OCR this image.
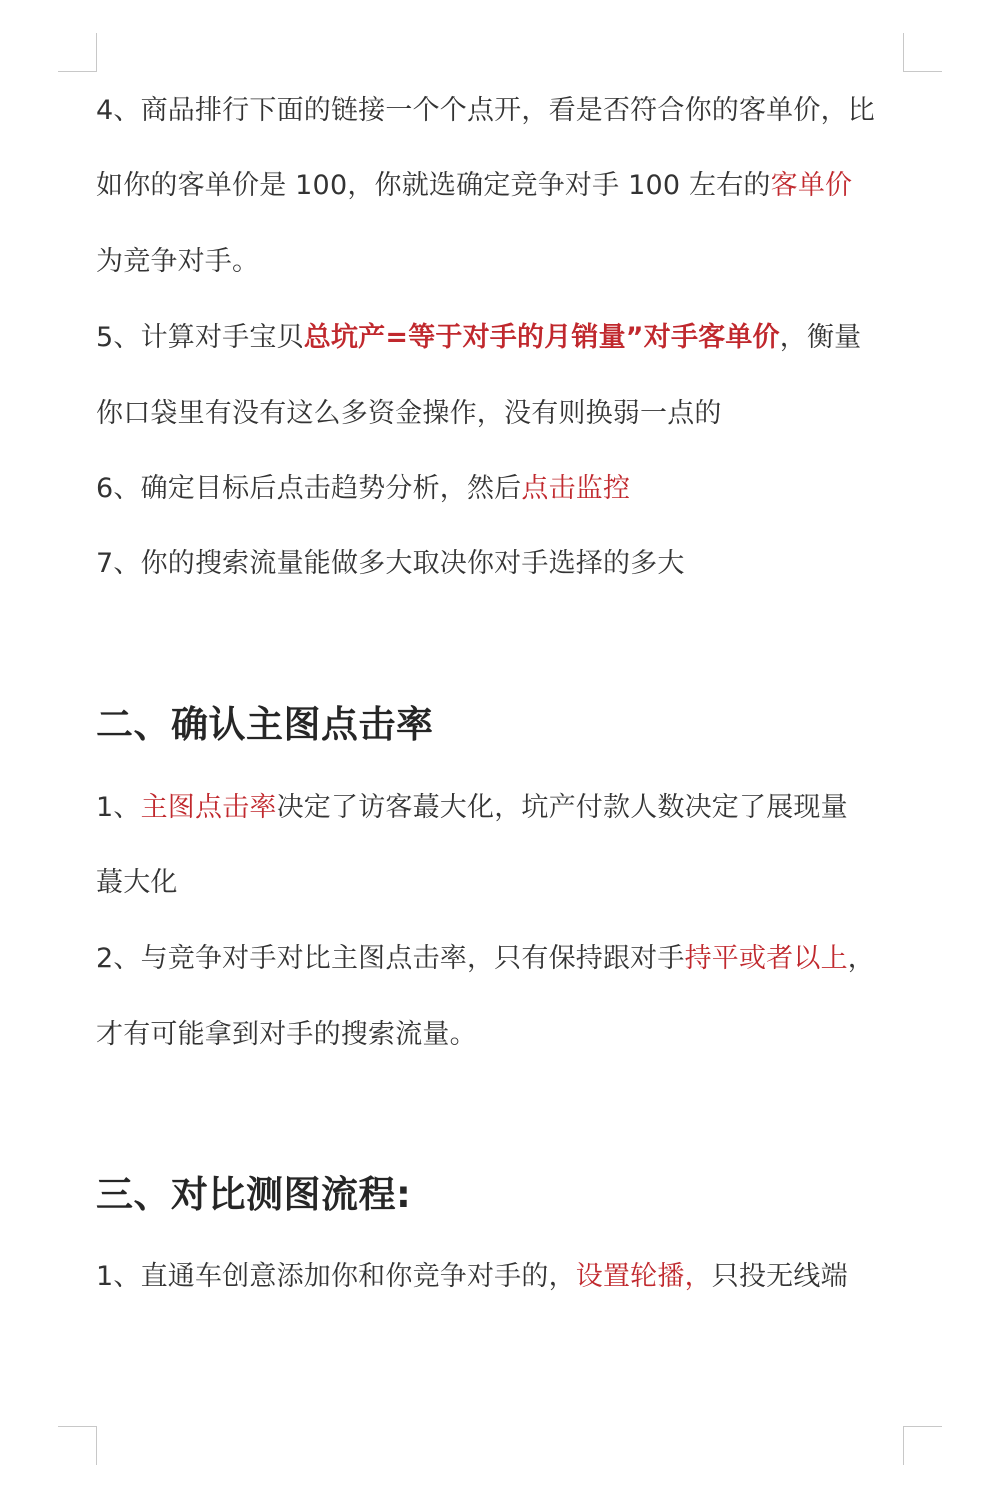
4、商品排行下面的链接一个个点开，看是否符合你的客单价，比
如你的客单价是 100，你就选确定竞争对手 100 左右的客单价
为竞争对手。
5、计算对手宝贝总坑产=等于对手的月销量”对手客单价，衡量
你口袋里有没有这么多资金操作，没有则换弱一点的
6、确定目标后点击趋势分析，然后点击监控
7、你的搜索流量能做多大取决你对手选择的多大
二、确认主图点击率
1、主图点击率决定了访客蕞大化，坑产付款人数决定了展现量
蕞大化
2、与竞争对手对比主图点击率，只有保持跟对手持平或者以上，
才有可能拿到对手的搜索流量。
三、对比测图流程:
1、直通车创意添加你和你竞争对手的，设置轮播，只投无线端
